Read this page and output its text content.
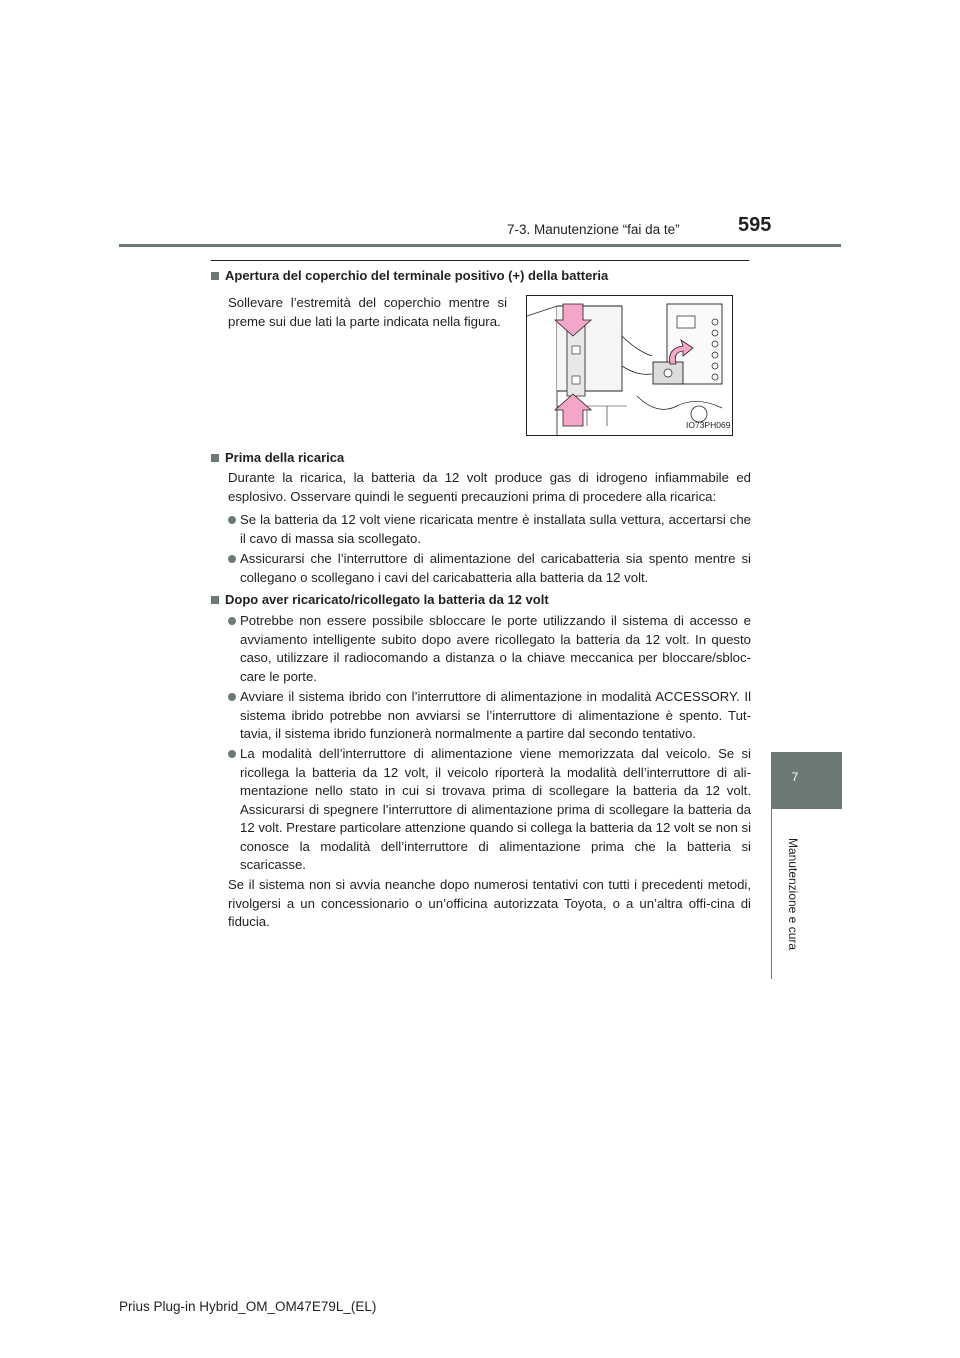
7-3. Manutenzione “fai da te”	595
7
Manutenzione e cura
Apertura del coperchio del terminale positivo (+) della batteria
Sollevare l’estremità del coperchio mentre si preme sui due lati la parte indicata nella figura.
IO73PH069
Prima della ricarica
Durante la ricarica, la batteria da 12 volt produce gas di idrogeno infiammabile ed esplosivo. Osservare quindi le seguenti precauzioni prima di procedere alla ricarica:
Se la batteria da 12 volt viene ricaricata mentre è installata sulla vettura, accertarsi che il cavo di massa sia scollegato.
Assicurarsi che l’interruttore di alimentazione del caricabatteria sia spento mentre si collegano o scollegano i cavi del caricabatteria alla batteria da 12 volt.
Dopo aver ricaricato/ricollegato la batteria da 12 volt
Potrebbe non essere possibile sbloccare le porte utilizzando il sistema di accesso e avviamento intelligente subito dopo avere ricollegato la batteria da 12 volt. In questo caso, utilizzare il radiocomando a distanza o la chiave meccanica per bloccare/sbloc-care le porte.
Avviare il sistema ibrido con l’interruttore di alimentazione in modalità ACCESSORY. Il sistema ibrido potrebbe non avviarsi se l’interruttore di alimentazione è spento. Tut-tavia, il sistema ibrido funzionerà normalmente a partire dal secondo tentativo.
La modalità dell’interruttore di alimentazione viene memorizzata dal veicolo. Se si ricollega la batteria da 12 volt, il veicolo riporterà la modalità dell’interruttore di ali-mentazione nello stato in cui si trovava prima di scollegare la batteria da 12 volt. Assicurarsi di spegnere l’interruttore di alimentazione prima di scollegare la batteria da 12 volt. Prestare particolare attenzione quando si collega la batteria da 12 volt se non si conosce la modalità dell’interruttore di alimentazione prima che la batteria si scaricasse.
Se il sistema non si avvia neanche dopo numerosi tentativi con tutti i precedenti metodi, rivolgersi a un concessionario o un’officina autorizzata Toyota, o a un’altra offi-cina di fiducia.
Prius Plug-in Hybrid_OM_OM47E79L_(EL)
